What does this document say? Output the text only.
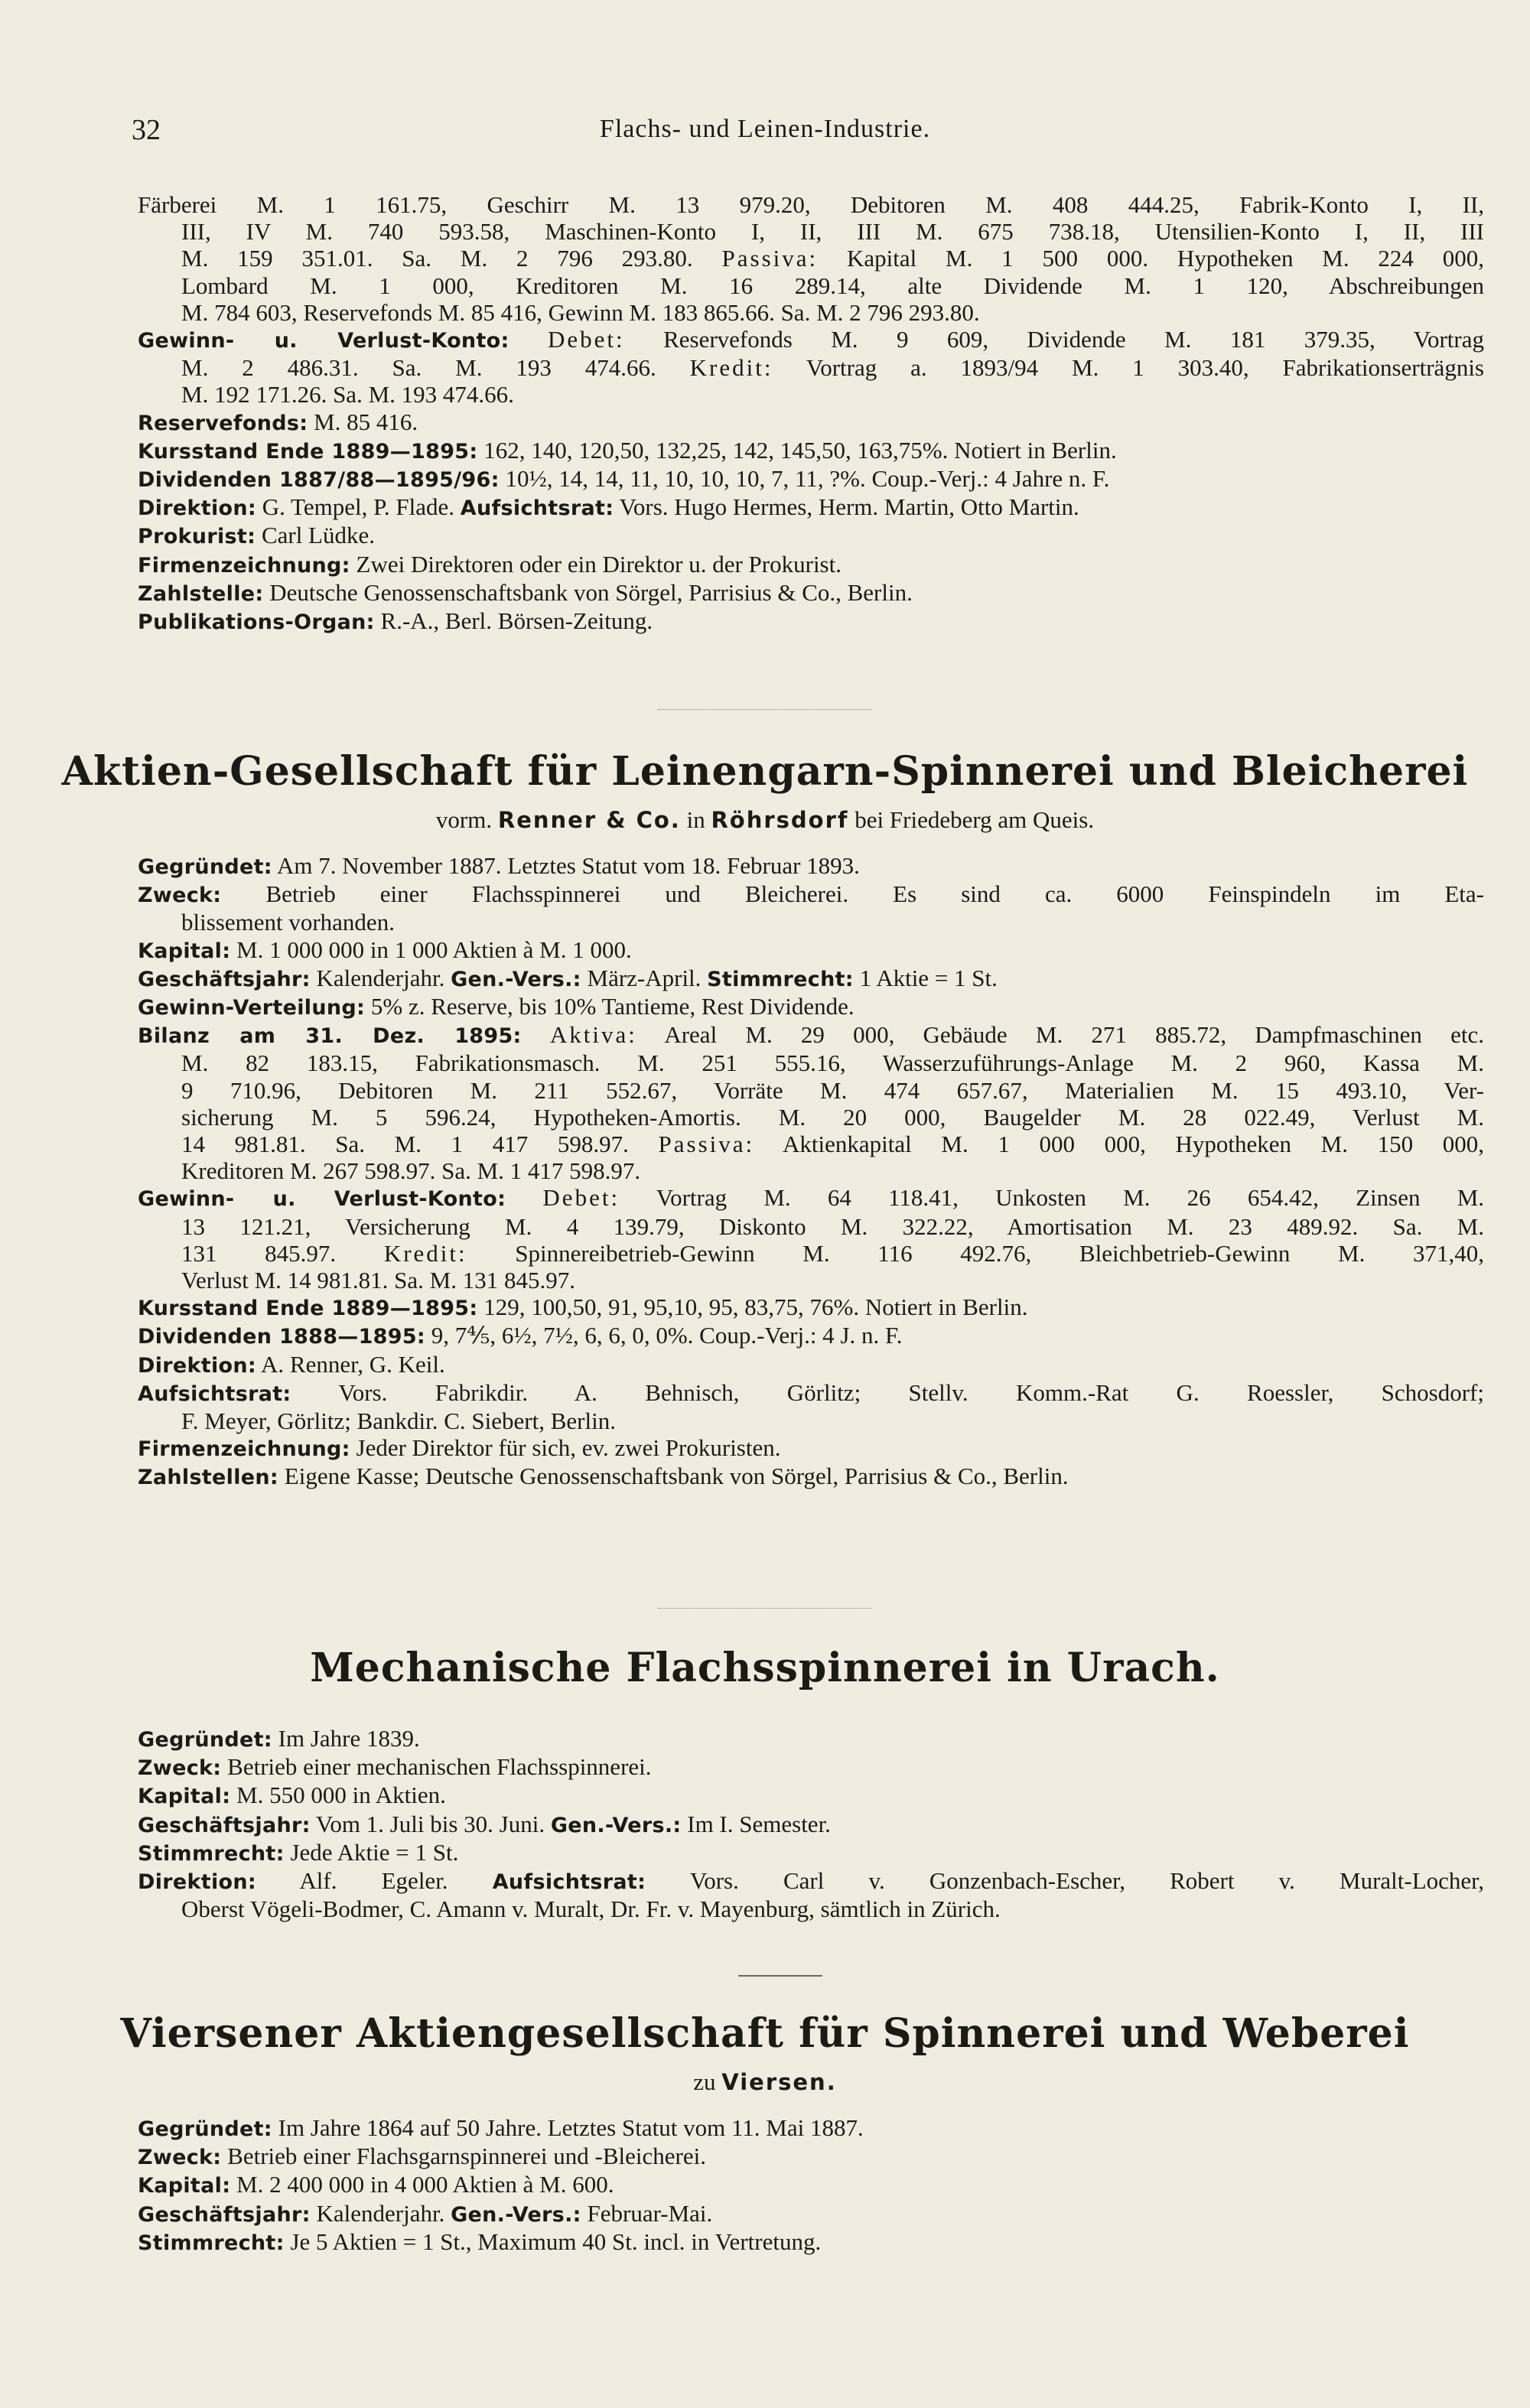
32	Flachs- und Leinen-Industrie.
Färberei M. 1 161.75, Geschirr M. 13 979.20, Debitoren M. 408 444.25, Fabrik-Konto I, II,
III, IV M. 740 593.58, Maschinen-Konto I, II, III M. 675 738.18, Utensilien-Konto I, II, III
M. 159 351.01. Sa. M. 2 796 293.80. Passiva: Kapital M. 1 500 000. Hypotheken M. 224 000,
Lombard M. 1 000, Kreditoren M. 16 289.14, alte Dividende M. 1 120, Abschreibungen
M. 784 603, Reservefonds M. 85 416, Gewinn M. 183 865.66. Sa. M. 2 796 293.80.
Gewinn- u. Verlust-Konto: Debet: Reservefonds M. 9 609, Dividende M. 181 379.35, Vortrag
M. 2 486.31. Sa. M. 193 474.66. Kredit: Vortrag a. 1893/94 M. 1 303.40, Fabrikationserträgnis
M. 192 171.26. Sa. M. 193 474.66.
Reservefonds: M. 85 416.
Kursstand Ende 1889—1895: 162, 140, 120,50, 132,25, 142, 145,50, 163,75%. Notiert in Berlin.
Dividenden 1887/88—1895/96: 10½, 14, 14, 11, 10, 10, 10, 7, 11, ?%. Coup.-Verj.: 4 Jahre n. F.
Direktion: G. Tempel, P. Flade. Aufsichtsrat: Vors. Hugo Hermes, Herm. Martin, Otto Martin.
Prokurist: Carl Lüdke.
Firmenzeichnung: Zwei Direktoren oder ein Direktor u. der Prokurist.
Zahlstelle: Deutsche Genossenschaftsbank von Sörgel, Parrisius & Co., Berlin.
Publikations-Organ: R.-A., Berl. Börsen-Zeitung.
Aktien-Gesellschaft für Leinengarn-Spinnerei und Bleicherei
vorm. Renner & Co. in Röhrsdorf bei Friedeberg am Queis.
Gegründet: Am 7. November 1887. Letztes Statut vom 18. Februar 1893.
Zweck: Betrieb einer Flachsspinnerei und Bleicherei. Es sind ca. 6000 Feinspindeln im Eta-
blissement vorhanden.
Kapital: M. 1 000 000 in 1 000 Aktien à M. 1 000.
Geschäftsjahr: Kalenderjahr. Gen.-Vers.: März-April. Stimmrecht: 1 Aktie = 1 St.
Gewinn-Verteilung: 5% z. Reserve, bis 10% Tantieme, Rest Dividende.
Bilanz am 31. Dez. 1895: Aktiva: Areal M. 29 000, Gebäude M. 271 885.72, Dampfmaschinen etc.
M. 82 183.15, Fabrikationsmasch. M. 251 555.16, Wasserzuführungs-Anlage M. 2 960, Kassa M.
9 710.96, Debitoren M. 211 552.67, Vorräte M. 474 657.67, Materialien M. 15 493.10, Ver-
sicherung M. 5 596.24, Hypotheken-Amortis. M. 20 000, Baugelder M. 28 022.49, Verlust M.
14 981.81. Sa. M. 1 417 598.97. Passiva: Aktienkapital M. 1 000 000, Hypotheken M. 150 000,
Kreditoren M. 267 598.97. Sa. M. 1 417 598.97.
Gewinn- u. Verlust-Konto: Debet: Vortrag M. 64 118.41, Unkosten M. 26 654.42, Zinsen M.
13 121.21, Versicherung M. 4 139.79, Diskonto M. 322.22, Amortisation M. 23 489.92. Sa. M.
131 845.97. Kredit: Spinnereibetrieb-Gewinn M. 116 492.76, Bleichbetrieb-Gewinn M. 371,40,
Verlust M. 14 981.81. Sa. M. 131 845.97.
Kursstand Ende 1889—1895: 129, 100,50, 91, 95,10, 95, 83,75, 76%. Notiert in Berlin.
Dividenden 1888—1895: 9, 7⅘, 6½, 7½, 6, 6, 0, 0%. Coup.-Verj.: 4 J. n. F.
Direktion: A. Renner, G. Keil.
Aufsichtsrat: Vors. Fabrikdir. A. Behnisch, Görlitz; Stellv. Komm.-Rat G. Roessler, Schosdorf;
F. Meyer, Görlitz; Bankdir. C. Siebert, Berlin.
Firmenzeichnung: Jeder Direktor für sich, ev. zwei Prokuristen.
Zahlstellen: Eigene Kasse; Deutsche Genossenschaftsbank von Sörgel, Parrisius & Co., Berlin.
Mechanische Flachsspinnerei in Urach.
Gegründet: Im Jahre 1839.
Zweck: Betrieb einer mechanischen Flachsspinnerei.
Kapital: M. 550 000 in Aktien.
Geschäftsjahr: Vom 1. Juli bis 30. Juni. Gen.-Vers.: Im I. Semester.
Stimmrecht: Jede Aktie = 1 St.
Direktion: Alf. Egeler. Aufsichtsrat: Vors. Carl v. Gonzenbach-Escher, Robert v. Muralt-Locher,
Oberst Vögeli-Bodmer, C. Amann v. Muralt, Dr. Fr. v. Mayenburg, sämtlich in Zürich.
Viersener Aktiengesellschaft für Spinnerei und Weberei
zu Viersen.
Gegründet: Im Jahre 1864 auf 50 Jahre. Letztes Statut vom 11. Mai 1887.
Zweck: Betrieb einer Flachsgarnspinnerei und -Bleicherei.
Kapital: M. 2 400 000 in 4 000 Aktien à M. 600.
Geschäftsjahr: Kalenderjahr. Gen.-Vers.: Februar-Mai.
Stimmrecht: Je 5 Aktien = 1 St., Maximum 40 St. incl. in Vertretung.
